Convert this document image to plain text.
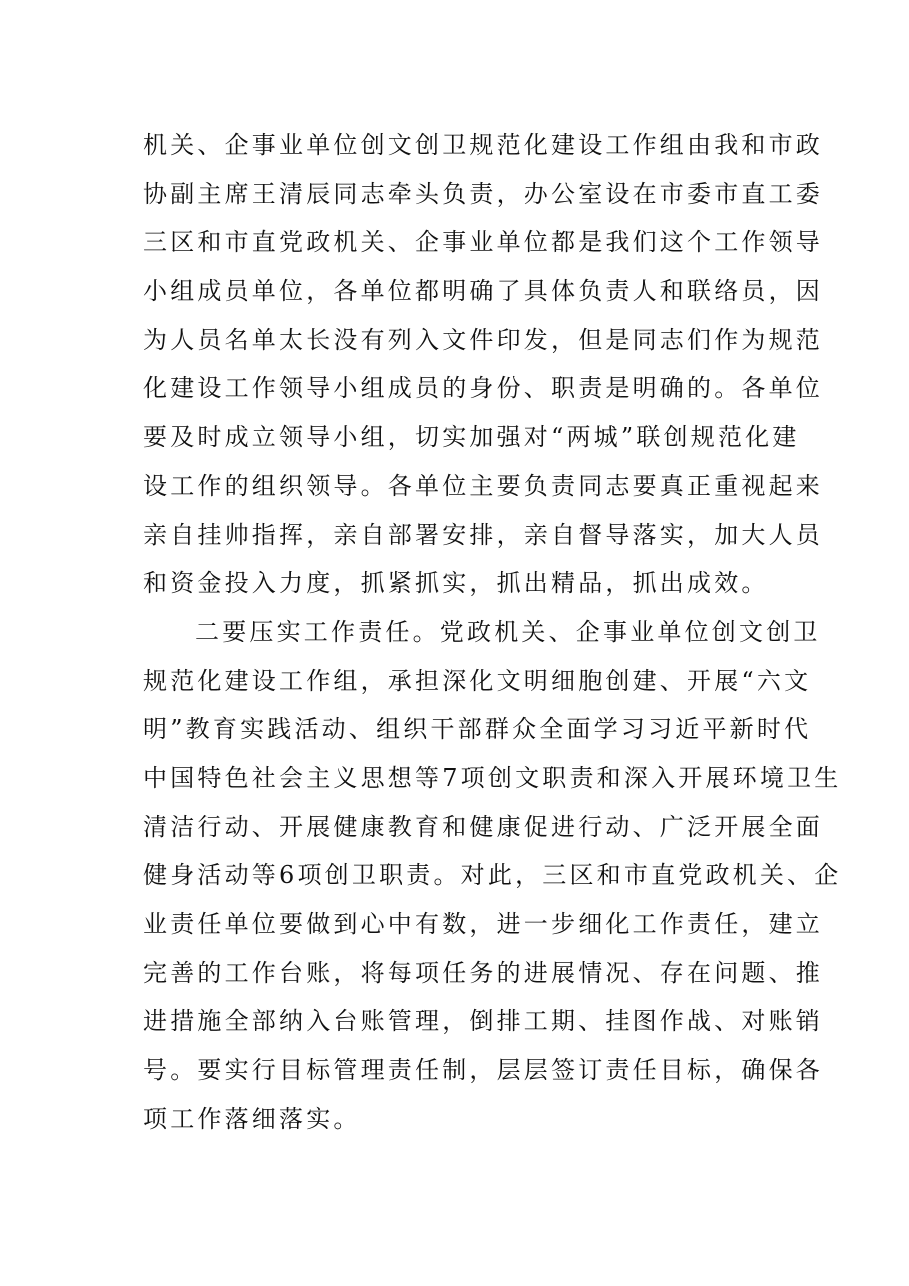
机关、企事业单位创文创卫规范化建设工作组由我和市政
协副主席王清辰同志牵头负责，办公室设在市委市直工委
三区和市直党政机关、企事业单位都是我们这个工作领导
小组成员单位，各单位都明确了具体负责人和联络员，因
为人员名单太长没有列入文件印发，但是同志们作为规范
化建设工作领导小组成员的身份、职责是明确的。各单位
要及时成立领导小组，切实加强对“两城”联创规范化建
设工作的组织领导。各单位主要负责同志要真正重视起来
亲自挂帅指挥，亲自部署安排，亲自督导落实，加大人员
和资金投入力度，抓紧抓实，抓出精品，抓出成效。
二要压实工作责任。党政机关、企事业单位创文创卫
规范化建设工作组，承担深化文明细胞创建、开展“六文
明”教育实践活动、组织干部群众全面学习习近平新时代
中国特色社会主义思想等7项创文职责和深入开展环境卫生
清洁行动、开展健康教育和健康促进行动、广泛开展全面
健身活动等6项创卫职责。对此，三区和市直党政机关、企
业责任单位要做到心中有数，进一步细化工作责任，建立
完善的工作台账，将每项任务的进展情况、存在问题、推
进措施全部纳入台账管理，倒排工期、挂图作战、对账销
号。要实行目标管理责任制，层层签订责任目标，确保各
项工作落细落实。
